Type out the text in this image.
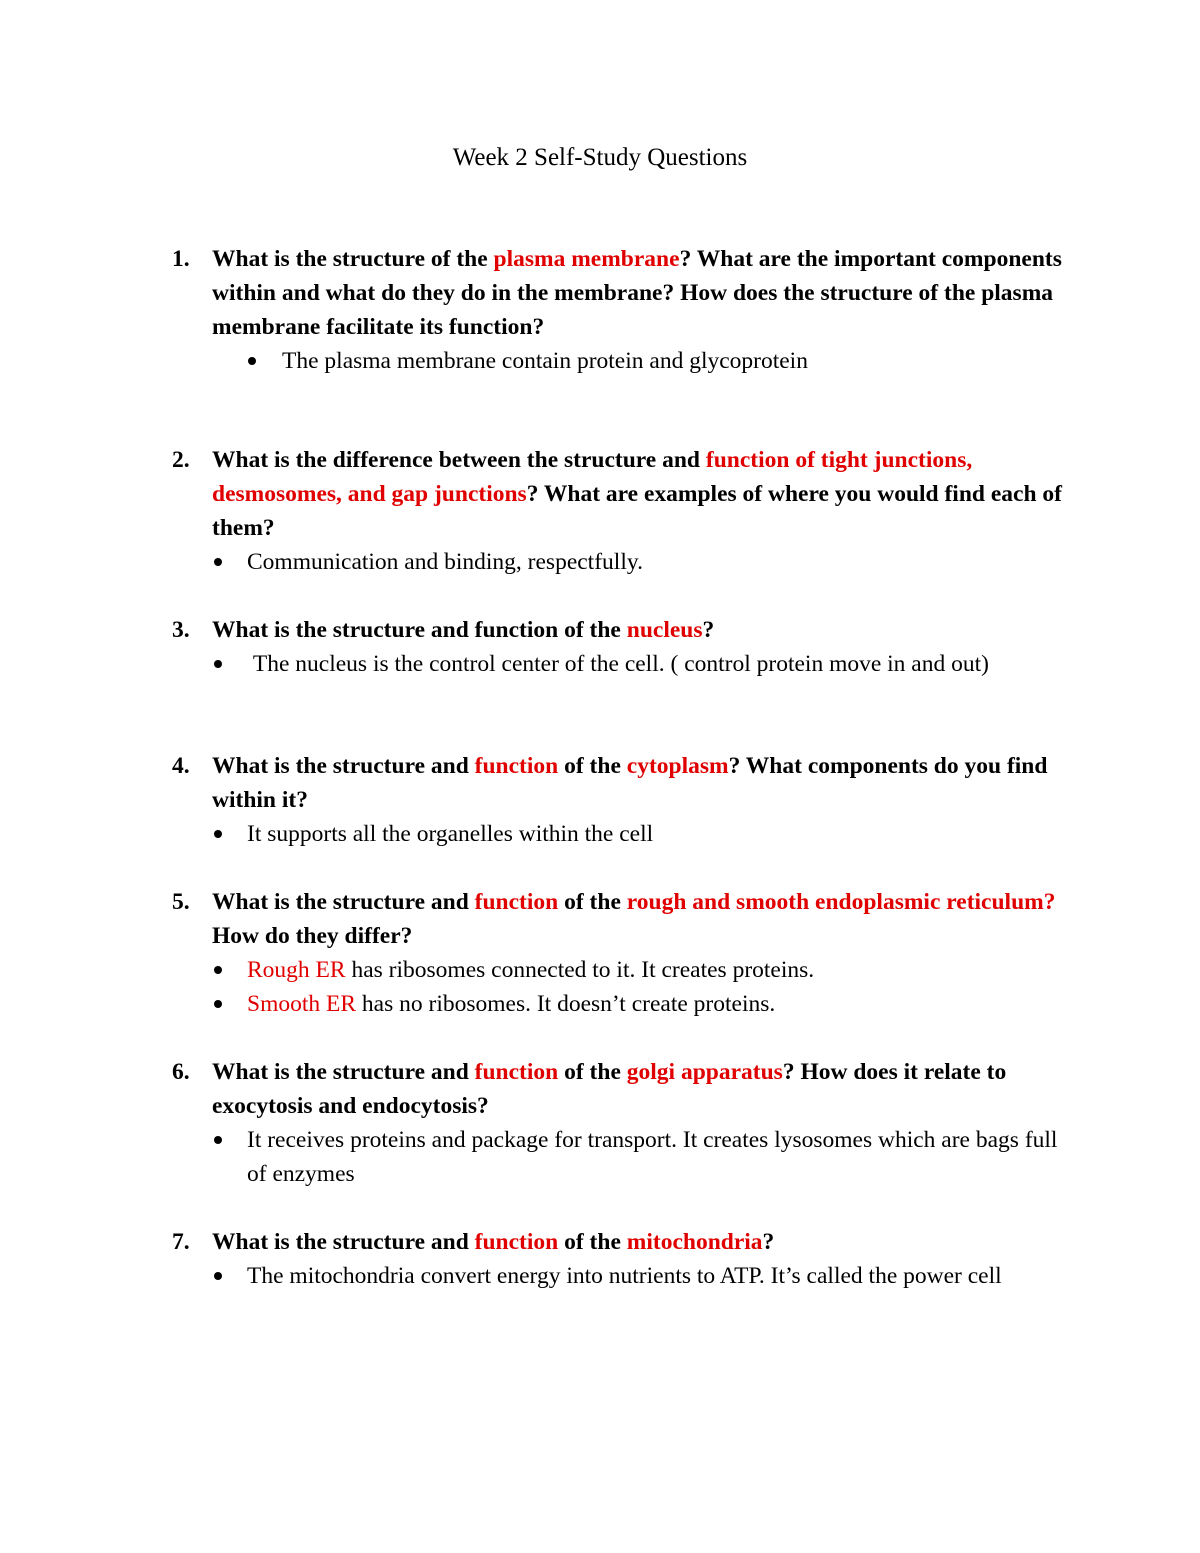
Week 2 Self-Study Questions
1. What is the structure of the plasma membrane? What are the important components within and what do they do in the membrane? How does the structure of the plasma membrane facilitate its function?
The plasma membrane contain protein and glycoprotein
2. What is the difference between the structure and function of tight junctions, desmosomes, and gap junctions? What are examples of where you would find each of them?
Communication and binding, respectfully.
3. What is the structure and function of the nucleus?
The nucleus is the control center of the cell. ( control protein move in and out)
4. What is the structure and function of the cytoplasm? What components do you find within it?
It supports all the organelles within the cell
5. What is the structure and function of the rough and smooth endoplasmic reticulum? How do they differ?
Rough ER has ribosomes connected to it. It creates proteins.
Smooth ER has no ribosomes. It doesn’t create proteins.
6. What is the structure and function of the golgi apparatus? How does it relate to exocytosis and endocytosis?
It receives proteins and package for transport. It creates lysosomes which are bags full of enzymes
7. What is the structure and function of the mitochondria?
The mitochondria convert energy into nutrients to ATP. It’s called the power cell
